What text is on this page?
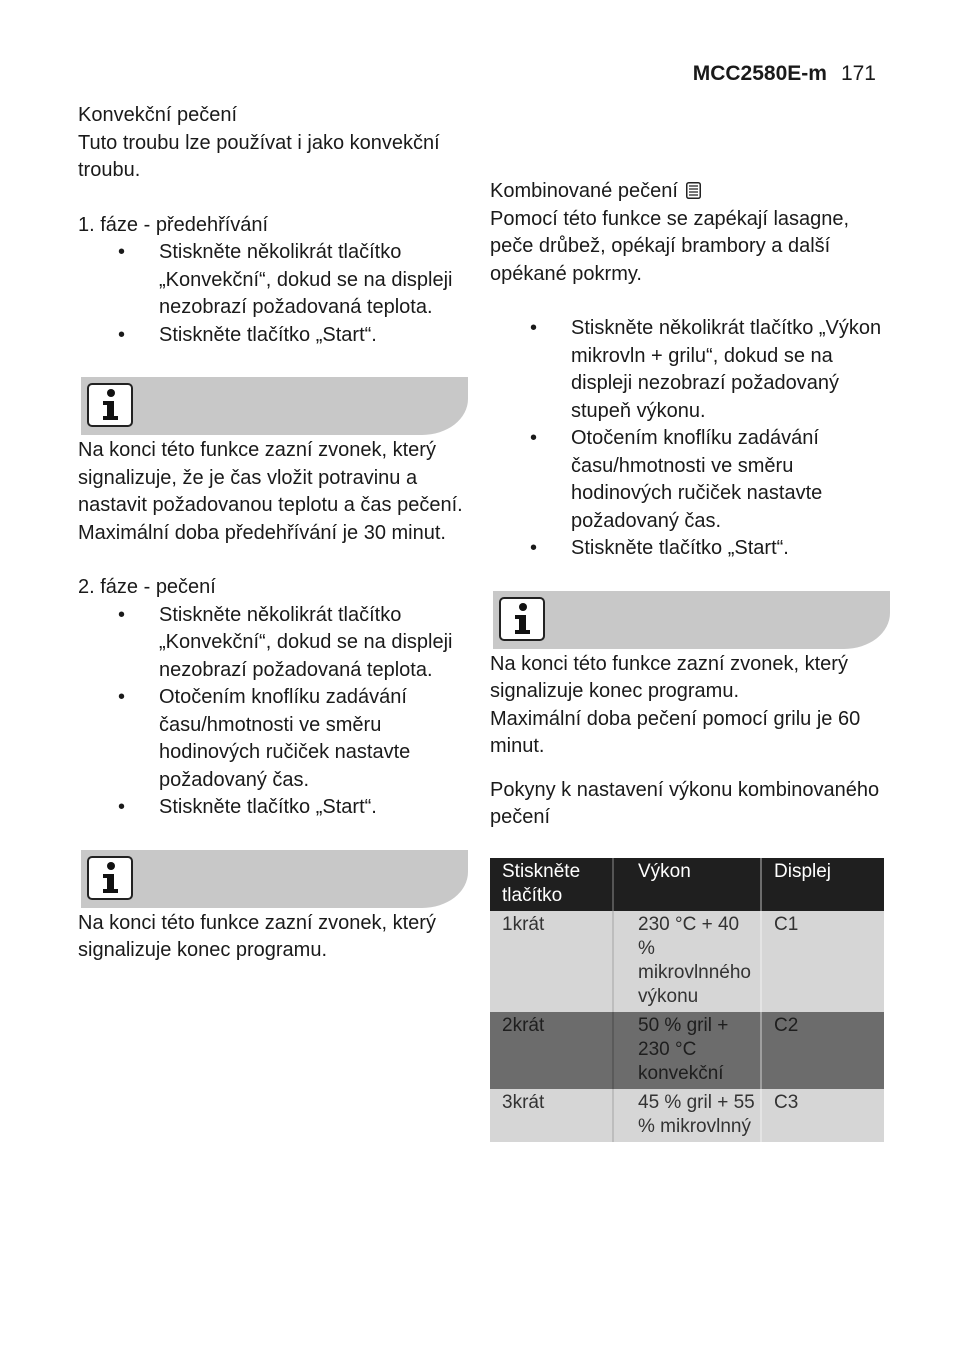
MCC2580E-m 171
Konvekční pečení

Tuto troubu lze používat i jako konvekční troubu.

1. fáze - předehřívání
• Stiskněte několikrát tlačítko „Konvekční“, dokud se na displeji nezobrazí požadovaná teplota.
• Stiskněte tlačítko „Start“.

Na konci této funkce zazní zvonek, který signalizuje, že je čas vložit potravinu a nastavit požadovanou teplotu a čas pečení.

Maximální doba předehřívání je 30 minut.

2. fáze - pečení
• Stiskněte několikrát tlačítko „Konvekční“, dokud se na displeji nezobrazí požadovaná teplota.
• Otočením knoflíku zadávání času/hmotnosti ve směru hodinových ručiček nastavte požadovaný čas.
• Stiskněte tlačítko „Start“.

Na konci této funkce zazní zvonek, který signalizuje konec programu.

Kombinované pečení

Pomocí této funkce se zapékají lasagne, peče drůbež, opékají brambory a další opékané pokrmy.

• Stiskněte několikrát tlačítko „Výkon mikrovln + grilu“, dokud se na displeji nezobrazí požadovaný stupeň výkonu.
• Otočením knoflíku zadávání času/hmotnosti ve směru hodinových ručiček nastavte požadovaný čas.
• Stiskněte tlačítko „Start“.

Na konci této funkce zazní zvonek, který signalizuje konec programu.

Maximální doba pečení pomocí grilu je 60 minut.

Pokyny k nastavení výkonu kombinovaného pečení
Stiskněte tlačítko	Výkon	Displej
1krát	230 °C + 40 % mikrovlnného výkonu	C1
2krát	50 % gril + 230 °C konvekční	C2
3krát	45 % gril + 55 % mikrovlnný	C3
